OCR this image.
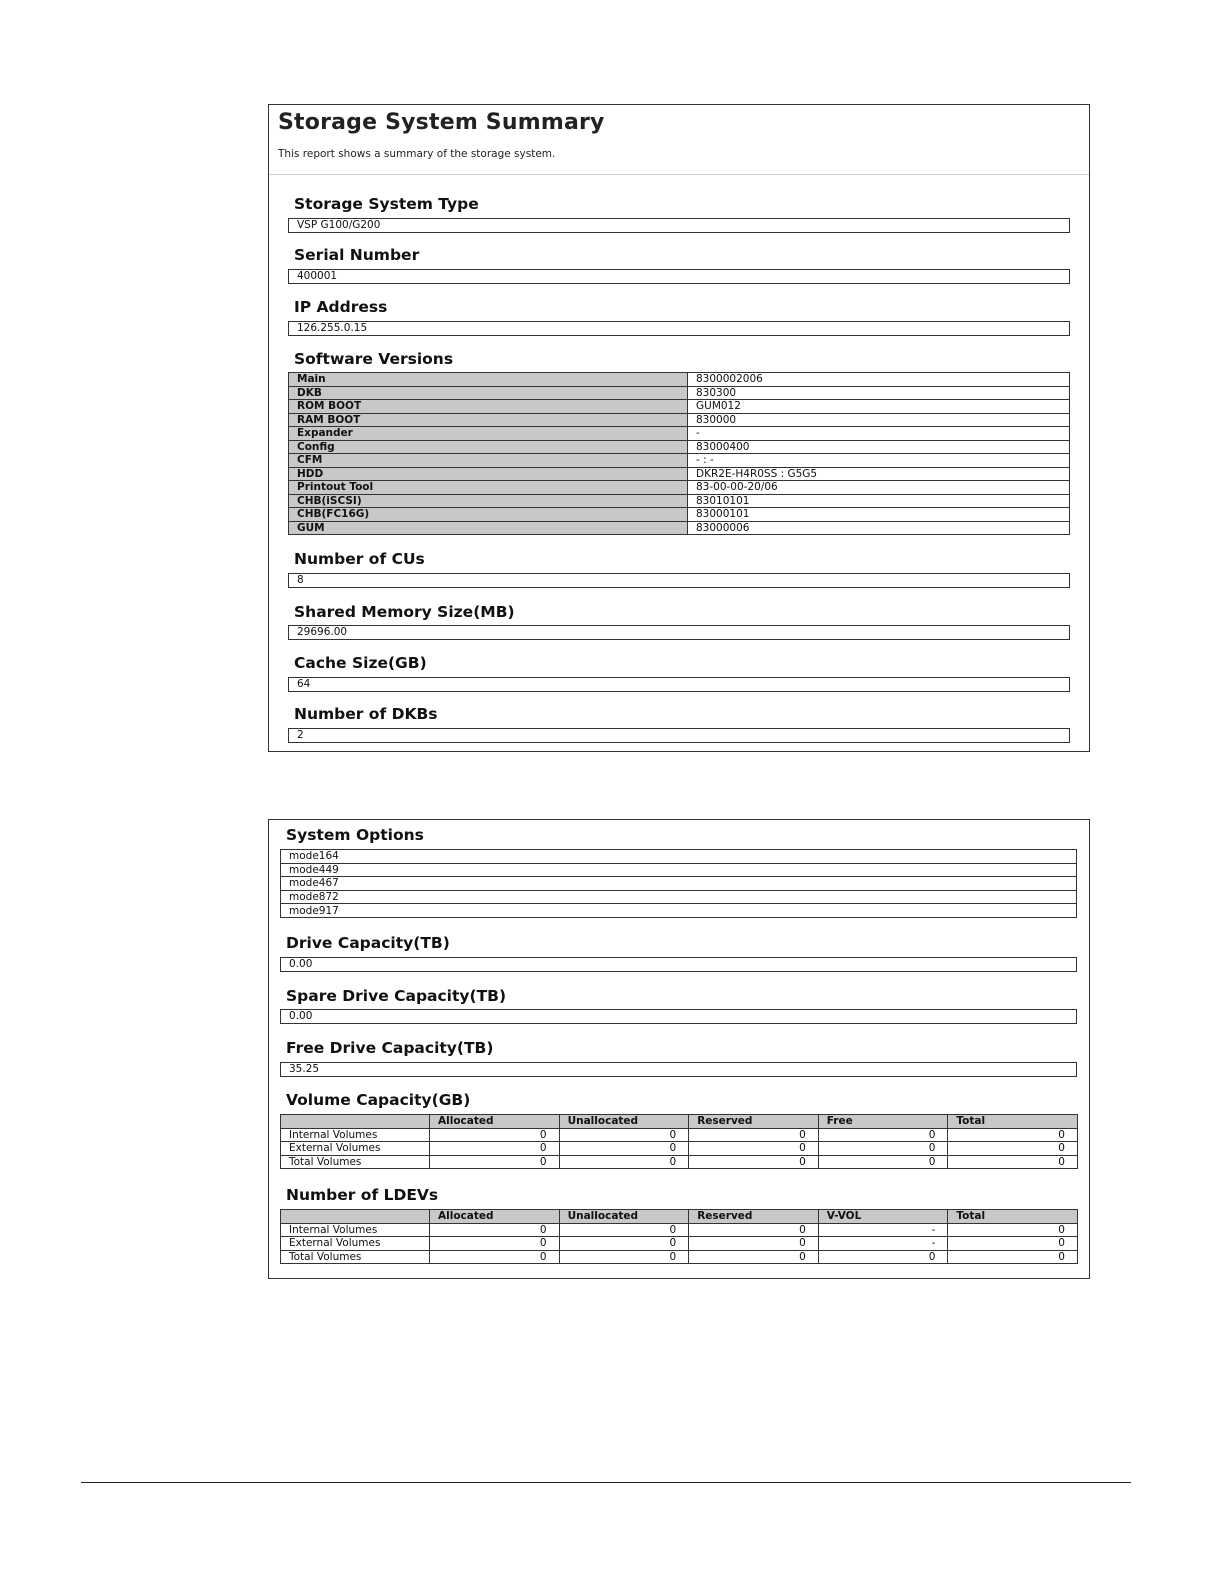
Storage System Summary
This report shows a summary of the storage system.
Storage System Type
VSP G100/G200
Serial Number
400001
IP Address
126.255.0.15
Software Versions
Main	8300002006
DKB	830300
ROM BOOT	GUM012
RAM BOOT	830000
Expander	-
Config	83000400
CFM	- : -
HDD	DKR2E-H4R0SS : G5G5
Printout Tool	83-00-00-20/06
CHB(iSCSI)	83010101
CHB(FC16G)	83000101
GUM	83000006
Number of CUs
8
Shared Memory Size(MB)
29696.00
Cache Size(GB)
64
Number of DKBs
2
System Options
mode164
mode449
mode467
mode872
mode917
Drive Capacity(TB)
0.00
Spare Drive Capacity(TB)
0.00
Free Drive Capacity(TB)
35.25
Volume Capacity(GB)
	Allocated	Unallocated	Reserved	Free	Total
Internal Volumes	0	0	0	0	0
External Volumes	0	0	0	0	0
Total Volumes	0	0	0	0	0
Number of LDEVs
	Allocated	Unallocated	Reserved	V-VOL	Total
Internal Volumes	0	0	0	-	0
External Volumes	0	0	0	-	0
Total Volumes	0	0	0	0	0
